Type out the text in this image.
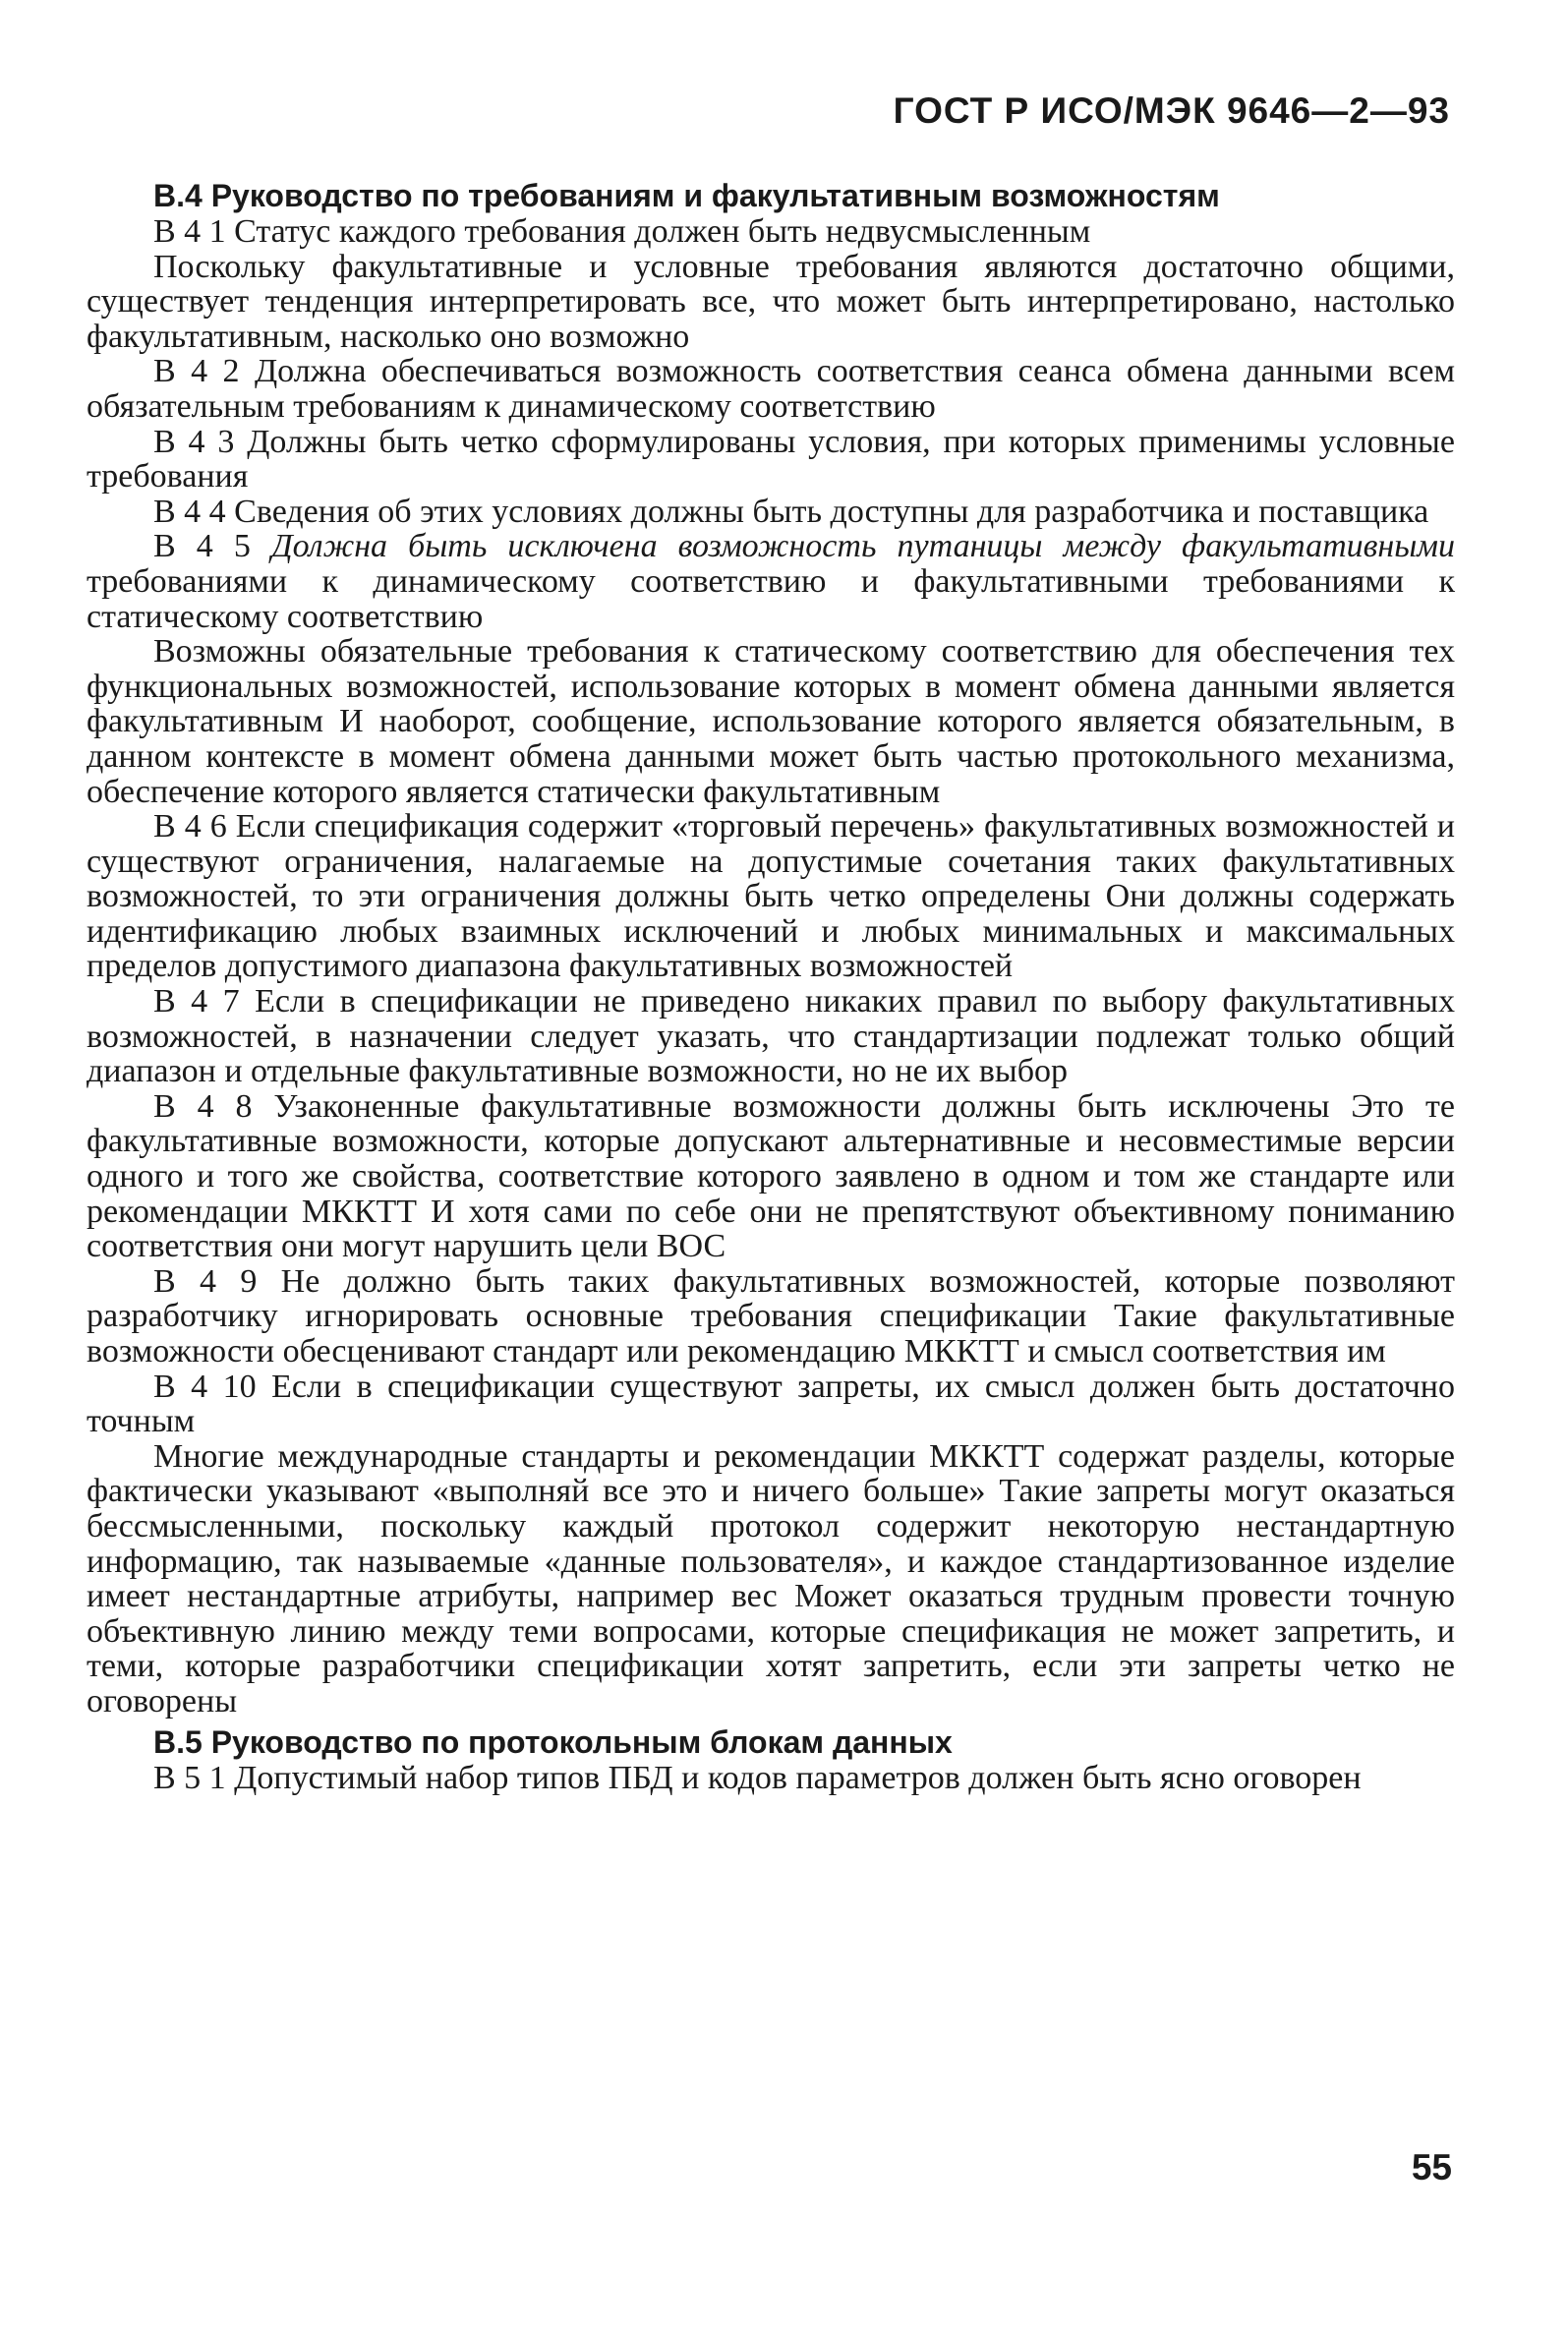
ГОСТ Р ИСО/МЭК 9646—2—93
В.4 Руководство по требованиям и факультативным возможностям

В 4 1 Статус каждого требования должен быть недвусмысленным

Поскольку факультативные и условные требования являются достаточно общими, существует тенденция интерпретировать все, что может быть интерпретировано, настолько факультативным, насколько оно возможно

В 4 2 Должна обеспечиваться возможность соответствия сеанса обмена данными всем обязательным требованиям к динамическому соответствию

В 4 3 Должны быть четко сформулированы условия, при которых применимы условные требования

В 4 4 Сведения об этих условиях должны быть доступны для разработчика и поставщика

В 4 5 Должна быть исключена возможность путаницы между факультативными требованиями к динамическому соответствию и факультативными требованиями к статическому соответствию

Возможны обязательные требования к статическому соответствию для обеспечения тех функциональных возможностей, использование которых в момент обмена данными является факультативным И наоборот, сообщение, использование которого является обязательным, в данном контексте в момент обмена данными может быть частью протокольного механизма, обеспечение которого является статически факультативным

В 4 6 Если спецификация содержит «торговый перечень» факультативных возможностей и существуют ограничения, налагаемые на допустимые сочетания таких факультативных возможностей, то эти ограничения должны быть четко определены Они должны содержать идентификацию любых взаимных исключений и любых минимальных и максимальных пределов допустимого диапазона факультативных возможностей

В 4 7 Если в спецификации не приведено никаких правил по выбору факультативных возможностей, в назначении следует указать, что стандартизации подлежат только общий диапазон и отдельные факультативные возможности, но не их выбор

В 4 8 Узаконенные факультативные возможности должны быть исключены Это те факультативные возможности, которые допускают альтернативные и несовместимые версии одного и того же свойства, соответствие которого заявлено в одном и том же стандарте или рекомендации МККТТ И хотя сами по себе они не препятствуют объективному пониманию соответствия они могут нарушить цели ВОС

В 4 9 Не должно быть таких факультативных возможностей, которые позволяют разработчику игнорировать основные требования спецификации Такие факультативные возможности обесценивают стандарт или рекомендацию МККТТ и смысл соответствия им

В 4 10 Если в спецификации существуют запреты, их смысл должен быть достаточно точным

Многие международные стандарты и рекомендации МККТТ содержат разделы, которые фактически указывают «выполняй все это и ничего больше» Такие запреты могут оказаться бессмысленными, поскольку каждый протокол содержит некоторую нестандартную информацию, так называемые «данные пользователя», и каждое стандартизованное изделие имеет нестандартные атрибуты, например вес Может оказаться трудным провести точную объективную линию между теми вопросами, которые спецификация не может запретить, и теми, которые разработчики спецификации хотят запретить, если эти запреты четко не оговорены

В.5 Руководство по протокольным блокам данных

В 5 1 Допустимый набор типов ПБД и кодов параметров должен быть ясно оговорен

55
